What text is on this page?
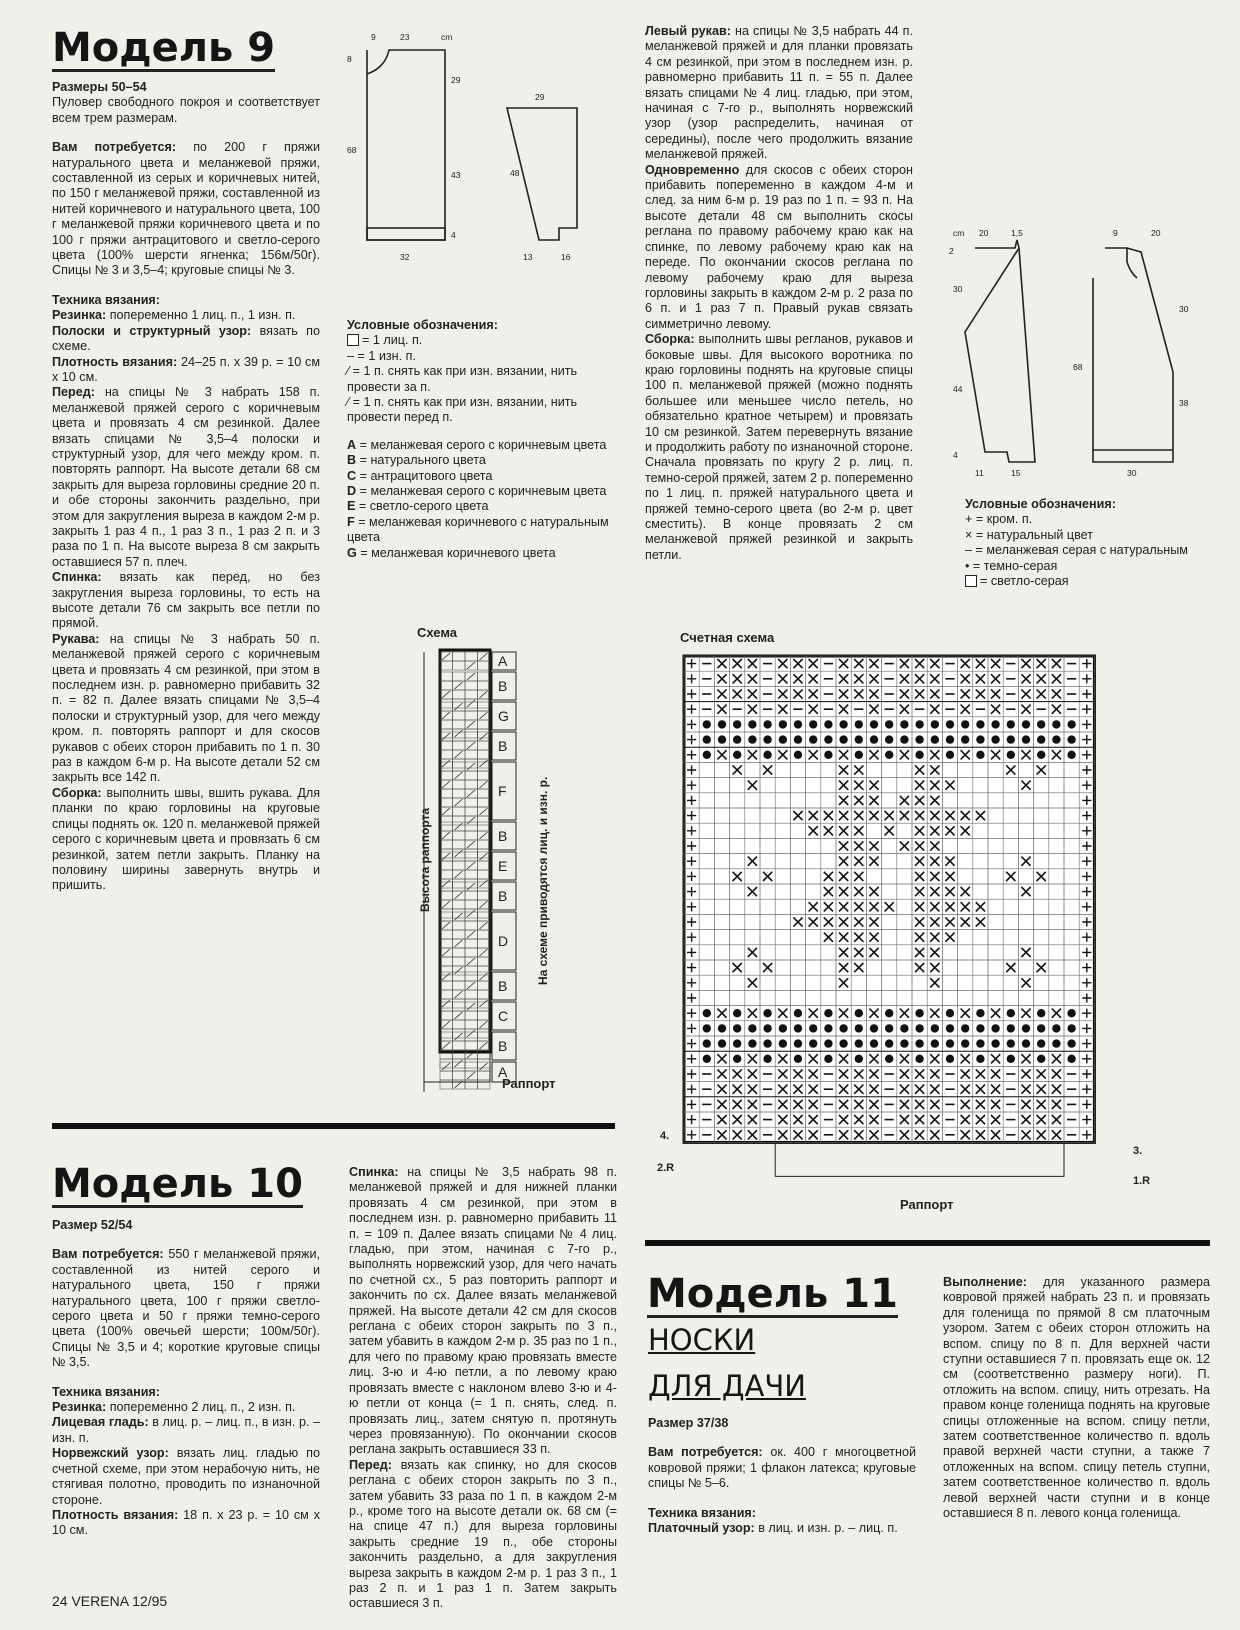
Модель 9

Размеры 50–54

Пуловер свободного покроя и соответствует всем трем размерам.

Вам потребуется: по 200 г пряжи натурального цвета и меланжевой пряжи, составленной из серых и коричневых нитей, по 150 г меланжевой пряжи, составленной из нитей коричневого и натурального цвета, 100 г меланжевой пряжи коричневого цвета и по 100 г пряжи антрацитового и светло-серого цвета (100% шерсти ягненка; 156м/50г). Спицы № 3 и 3,5–4; круговые спицы № 3.

Техника вязания:

Резинка: попеременно 1 лиц. п., 1 изн. п.

Полоски и структурный узор: вязать по схеме.

Плотность вязания: 24–25 п. х 39 р. = 10 см х 10 см.

Перед: на спицы № 3 набрать 158 п. меланжевой пряжей серого с коричневым цвета и провязать 4 см резинкой. Далее вязать спицами № 3,5–4 полоски и структурный узор, для чего между кром. п. повторять раппорт. На высоте детали 68 см закрыть для выреза горловины средние 20 п. и обе стороны закончить раздельно, при этом для закругления выреза в каждом 2-м р. закрыть 1 раз 4 п., 1 раз 3 п., 1 раз 2 п. и 3 раза по 1 п. На высоте выреза 8 см закрыть оставшиеся 57 п. плеч.

Спинка: вязать как перед, но без закругления выреза горловины, то есть на высоте детали 76 см закрыть все петли по прямой.

Рукава: на спицы № 3 набрать 50 п. меланжевой пряжей серого с коричневым цвета и провязать 4 см резинкой, при этом в последнем изн. р. равномерно прибавить 32 п. = 82 п. Далее вязать спицами № 3,5–4 полоски и структурный узор, для чего между кром. п. повторять раппорт и для скосов рукавов с обеих сторон прибавить по 1 п. 30 раз в каждом 6-м р. На высоте детали 52 см закрыть все 142 п.

Сборка: выполнить швы, вшить рукава. Для планки по краю горловины на круговые спицы поднять ок. 120 п. меланжевой пряжей серого с коричневым цвета и провязать 6 см резинкой, затем петли закрыть. Планку на половину ширины завернуть внутрь и пришить.

9	23	cm
8
29
68
43
4
32
29
48
13	16
Условные обозначения:
= 1 лиц. п.
– = 1 изн. п.
⁄ = 1 п. снять как при изн. вязании, нить провести за п.
⁄ = 1 п. снять как при изн. вязании, нить провести перед п.
A = меланжевая серого с коричневым цвета
B = натурального цвета
C = антрацитового цвета
D = меланжевая серого с коричневым цвета
E = светло-серого цвета
F = меланжевая коричневого с натуральным цвета
G = меланжевая коричневого цвета
Схема
A
B
G
B
F
B
E
B
D
B
C
B
A
Высота раппорта	На схеме приводятся лиц. и изн. р.
Раппорт
Модель 10

Размер 52/54

Вам потребуется: 550 г меланжевой пряжи, составленной из нитей серого и натурального цвета, 150 г пряжи натурального цвета, 100 г пряжи светло-серого цвета и 50 г пряжи темно-серого цвета (100% овечьей шерсти; 100м/50г). Спицы № 3,5 и 4; короткие круговые спицы № 3,5.

Техника вязания:

Резинка: попеременно 2 лиц. п., 2 изн. п.

Лицевая гладь: в лиц. р. – лиц. п., в изн. р. – изн. п.

Норвежский узор: вязать лиц. гладью по счетной схеме, при этом нерабочую нить, не стягивая полотно, проводить по изнаночной стороне.

Плотность вязания: 18 п. х 23 р. = 10 см х 10 см.

Спинка: на спицы № 3,5 набрать 98 п. меланжевой пряжей и для нижней планки провязать 4 см резинкой, при этом в последнем изн. р. равномерно прибавить 11 п. = 109 п. Далее вязать спицами № 4 лиц. гладью, при этом, начиная с 7-го р., выполнять норвежский узор, для чего начать по счетной сх., 5 раз повторить раппорт и закончить по сх. Далее вязать меланжевой пряжей. На высоте детали 42 см для скосов реглана с обеих сторон закрыть по 3 п., затем убавить в каждом 2-м р. 35 раз по 1 п., для чего по правому краю провязать вместе лиц. 3-ю и 4-ю петли, а по левому краю провязать вместе с наклоном влево 3-ю и 4-ю петли от конца (= 1 п. снять, след. п. провязать лиц., затем снятую п. протянуть через провязанную). По окончании скосов реглана закрыть оставшиеся 33 п.

Перед: вязать как спинку, но для скосов реглана с обеих сторон закрыть по 3 п., затем убавить 33 раза по 1 п. в каждом 2-м р., кроме того на высоте детали ок. 68 см (= на спице 47 п.) для выреза горловины закрыть средние 19 п., обе стороны закончить раздельно, а для закругления выреза закрыть в каждом 2-м р. 1 раз 3 п., 1 раз 2 п. и 1 раз 1 п. Затем закрыть оставшиеся 3 п.

Левый рукав: на спицы № 3,5 набрать 44 п. меланжевой пряжей и для планки провязать 4 см резинкой, при этом в последнем изн. р. равномерно прибавить 11 п. = 55 п. Далее вязать спицами № 4 лиц. гладью, при этом, начиная с 7-го р., выполнять норвежский узор (узор распределить, начиная от середины), после чего продолжить вязание меланжевой пряжей.

Одновременно для скосов с обеих сторон прибавить попеременно в каждом 4-м и след. за ним 6-м р. 19 раз по 1 п. = 93 п. На высоте детали 48 см выполнить скосы реглана по правому рабочему краю как на спинке, по левому рабочему краю как на переде. По окончании скосов реглана по левому рабочему краю для выреза горловины закрыть в каждом 2-м р. 2 раза по 6 п. и 1 раз 7 п. Правый рукав связать симметрично левому.

Сборка: выполнить швы регланов, рукавов и боковые швы. Для высокого воротника по краю горловины поднять на круговые спицы 100 п. меланжевой пряжей (можно поднять большее или меньшее число петель, но обязательно кратное четырем) и провязать 10 см резинкой. Затем перевернуть вязание и продолжить работу по изнаночной стороне. Сначала провязать по кругу 2 р. лиц. п. темно-серой пряжей, затем 2 р. попеременно по 1 лиц. п. пряжей натурального цвета и пряжей темно-серого цвета (во 2-м р. цвет сместить). В конце провязать 2 см меланжевой пряжей резинкой и закрыть петли.

cm 20	1,5
2
30
44
4
11	15
9	20
68
38
30
30
Условные обозначения:
+ = кром. п.
× = натуральный цвет
– = меланжевая серая с натуральным
• = темно-серая
= светло-серая
Счетная схема
4.
2.R
3.
1.R
Раппорт
Модель 11
НОСКИ
ДЛЯ ДАЧИ

Размер 37/38

Вам потребуется: ок. 400 г многоцветной ковровой пряжи; 1 флакон латекса; круговые спицы № 5–6.

Техника вязания:

Платочный узор: в лиц. и изн. р. – лиц. п.

Выполнение: для указанного размера ковровой пряжей набрать 23 п. и провязать для голенища по прямой 8 см платочным узором. Затем с обеих сторон отложить на вспом. спицу по 8 п. Для верхней части ступни оставшиеся 7 п. провязать еще ок. 12 см (соответственно размеру ноги). П. отложить на вспом. спицу, нить отрезать. На правом конце голенища поднять на круговые спицы отложенные на вспом. спицу петли, затем соответственное количество п. вдоль правой верхней части ступни, а также 7 отложенных на вспом. спицу петель ступни, затем соответственное количество п. вдоль левой верхней части ступни и в конце оставшиеся 8 п. левого конца голенища.

24 VERENA 12/95
